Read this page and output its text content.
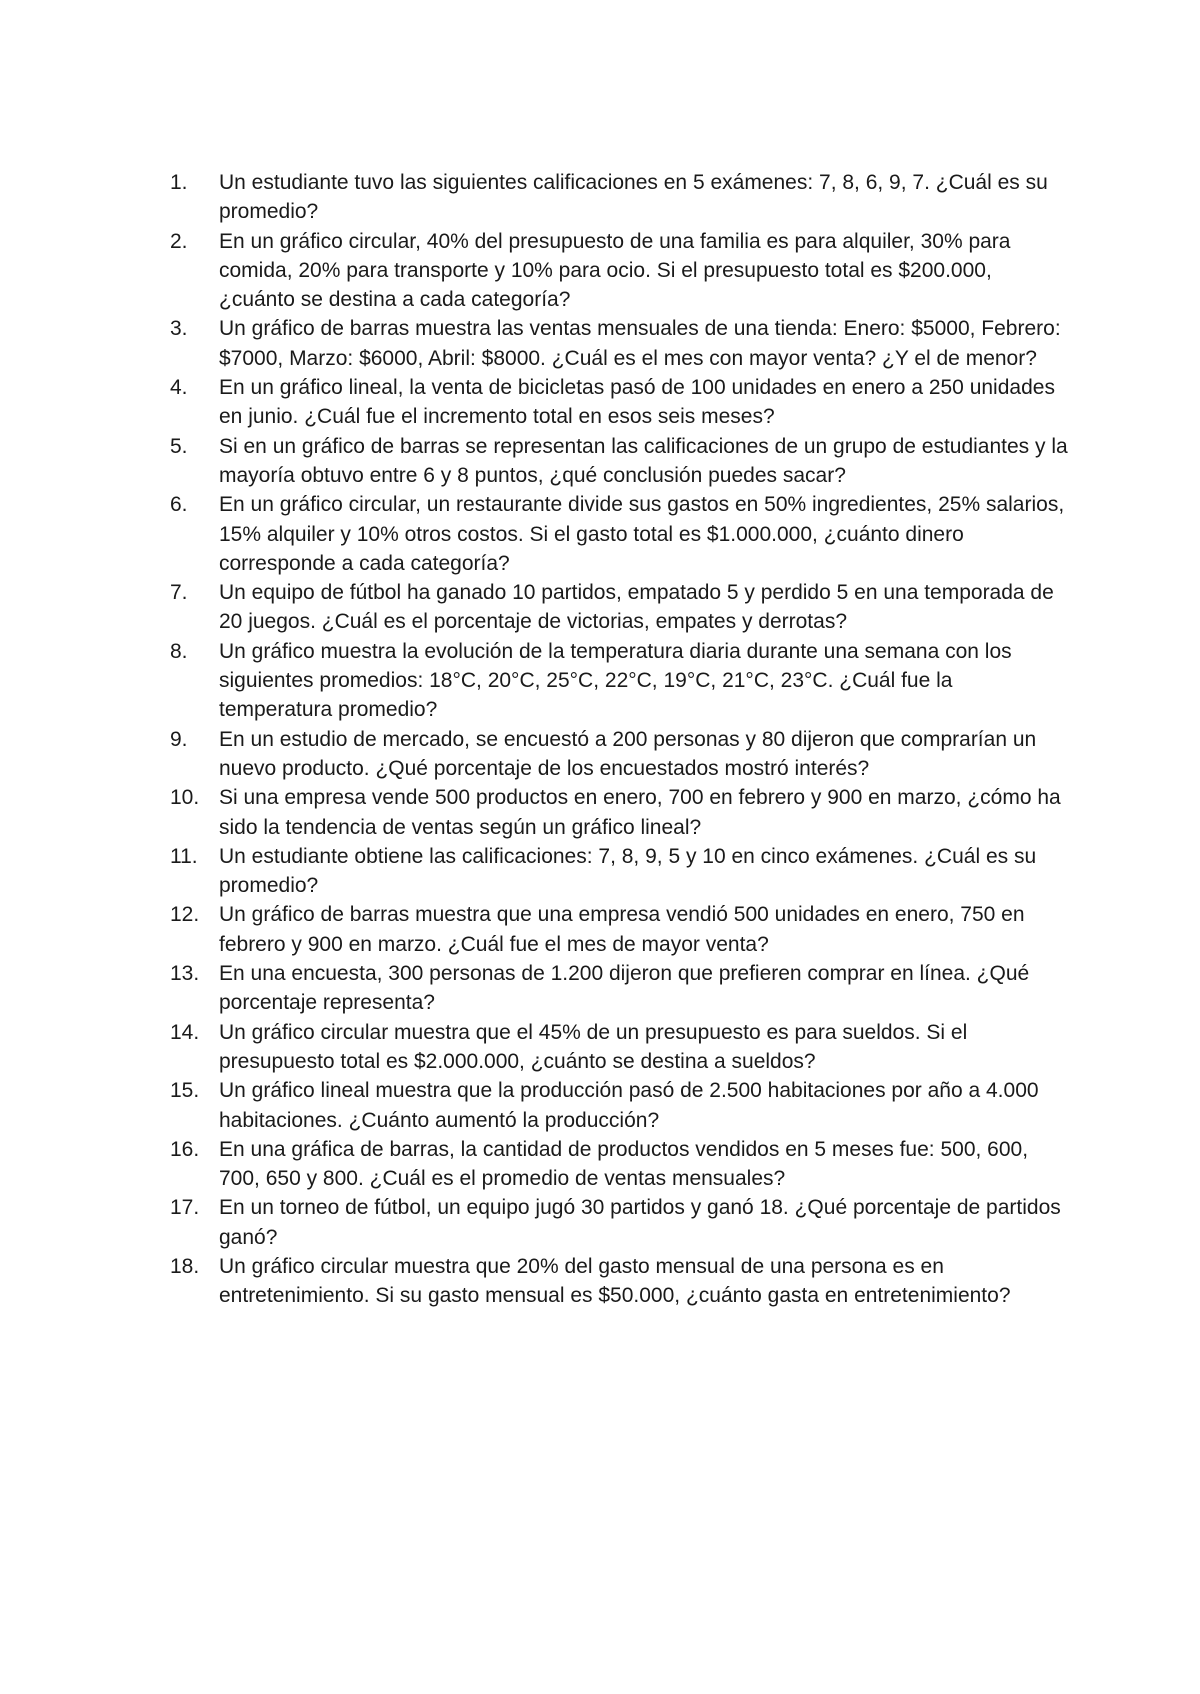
1.	Un estudiante tuvo las siguientes calificaciones en 5 exámenes: 7, 8, 6, 9, 7. ¿Cuál es su promedio?
2.	En un gráfico circular, 40% del presupuesto de una familia es para alquiler, 30% para comida, 20% para transporte y 10% para ocio. Si el presupuesto total es $200.000, ¿cuánto se destina a cada categoría?
3.	Un gráfico de barras muestra las ventas mensuales de una tienda: Enero: $5000, Febrero: $7000, Marzo: $6000, Abril: $8000. ¿Cuál es el mes con mayor venta? ¿Y el de menor?
4.	En un gráfico lineal, la venta de bicicletas pasó de 100 unidades en enero a 250 unidades en junio. ¿Cuál fue el incremento total en esos seis meses?
5.	Si en un gráfico de barras se representan las calificaciones de un grupo de estudiantes y la mayoría obtuvo entre 6 y 8 puntos, ¿qué conclusión puedes sacar?
6.	En un gráfico circular, un restaurante divide sus gastos en 50% ingredientes, 25% salarios, 15% alquiler y 10% otros costos. Si el gasto total es $1.000.000, ¿cuánto dinero corresponde a cada categoría?
7.	Un equipo de fútbol ha ganado 10 partidos, empatado 5 y perdido 5 en una temporada de 20 juegos. ¿Cuál es el porcentaje de victorias, empates y derrotas?
8.	Un gráfico muestra la evolución de la temperatura diaria durante una semana con los siguientes promedios: 18°C, 20°C, 25°C, 22°C, 19°C, 21°C, 23°C. ¿Cuál fue la temperatura promedio?
9.	En un estudio de mercado, se encuestó a 200 personas y 80 dijeron que comprarían un nuevo producto. ¿Qué porcentaje de los encuestados mostró interés?
10. Si una empresa vende 500 productos en enero, 700 en febrero y 900 en marzo, ¿cómo ha sido la tendencia de ventas según un gráfico lineal?
11.	Un estudiante obtiene las calificaciones: 7, 8, 9, 5 y 10 en cinco exámenes. ¿Cuál es su promedio?
12. Un gráfico de barras muestra que una empresa vendió 500 unidades en enero, 750 en febrero y 900 en marzo. ¿Cuál fue el mes de mayor venta?
13. En una encuesta, 300 personas de 1.200 dijeron que prefieren comprar en línea. ¿Qué porcentaje representa?
14. Un gráfico circular muestra que el 45% de un presupuesto es para sueldos. Si el presupuesto total es $2.000.000, ¿cuánto se destina a sueldos?
15. Un gráfico lineal muestra que la producción pasó de 2.500 habitaciones por año a 4.000 habitaciones. ¿Cuánto aumentó la producción?
16. En una gráfica de barras, la cantidad de productos vendidos en 5 meses fue: 500, 600, 700, 650 y 800. ¿Cuál es el promedio de ventas mensuales?
17. En un torneo de fútbol, un equipo jugó 30 partidos y ganó 18. ¿Qué porcentaje de partidos ganó?
18. Un gráfico circular muestra que 20% del gasto mensual de una persona es en entretenimiento. Si su gasto mensual es $50.000, ¿cuánto gasta en entretenimiento?
